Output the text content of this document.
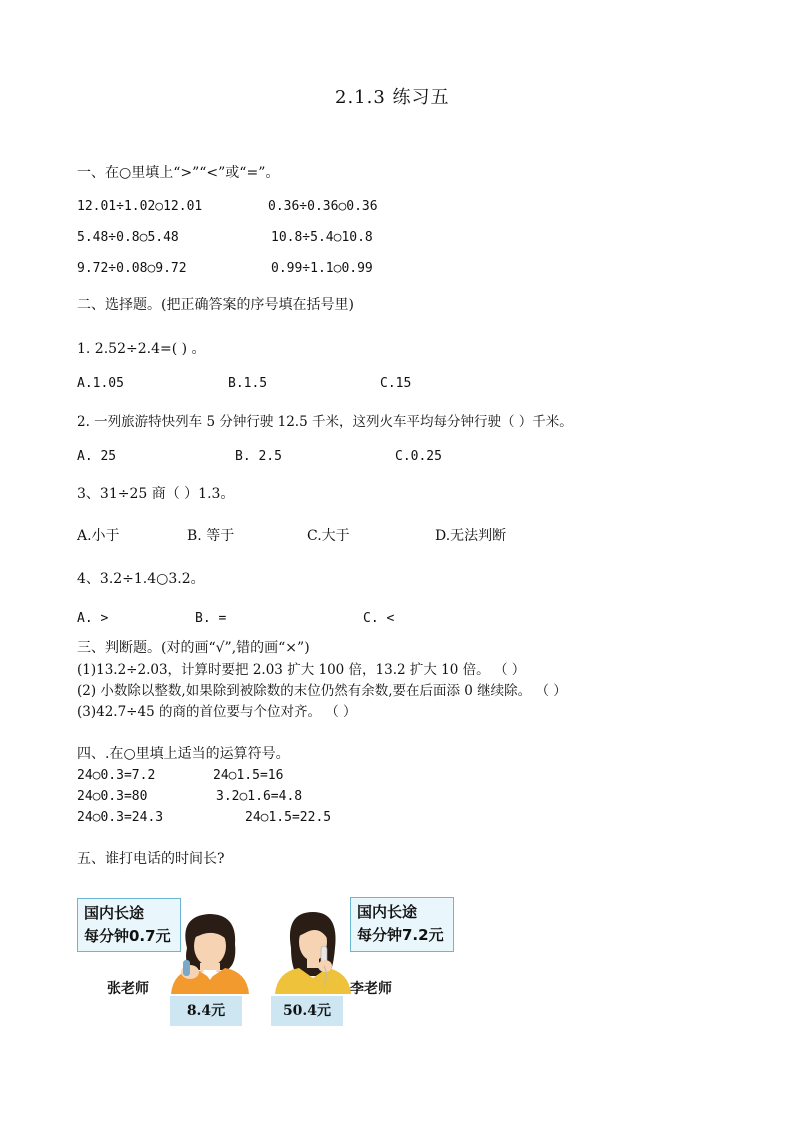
2.1.3 练习五
一、在○里填上“>”“<”或“=”。
12.01÷1.02○12.01	0.36÷0.36○0.36
5.48÷0.8○5.48	10.8÷5.4○10.8
9.72÷0.08○9.72	0.99÷1.1○0.99
二、选择题。(把正确答案的序号填在括号里)
1. 2.52÷2.4=( ) 。
A.1.05	B.1.5	C.15
2. 一列旅游特快列车 5 分钟行驶 12.5 千米，这列火车平均每分钟行驶（ ）千米。
A. 25	B. 2.5	C.0.25
3、31÷25 商（ ）1.3。
A.小于	B. 等于	C.大于	D.无法判断
4、3.2÷1.4○3.2。
A. >	B. =	C. <
三、判断题。(对的画“√”,错的画“×”)
(1)13.2÷2.03，计算时要把 2.03 扩大 100 倍，13.2 扩大 10 倍。 （ ）
(2) 小数除以整数,如果除到被除数的末位仍然有余数,要在后面添 0 继续除。 （ ）
(3)42.7÷45 的商的首位要与个位对齐。 （ ）
四、.在○里填上适当的运算符号。
24○0.3=7.2	24○1.5=16
24○0.3=80	3.2○1.6=4.8
24○0.3=24.3	24○1.5=22.5
五、谁打电话的时间长?
国内长途
每分钟0.7元
张老师
8.4元
国内长途
每分钟7.2元
李老师
50.4元
